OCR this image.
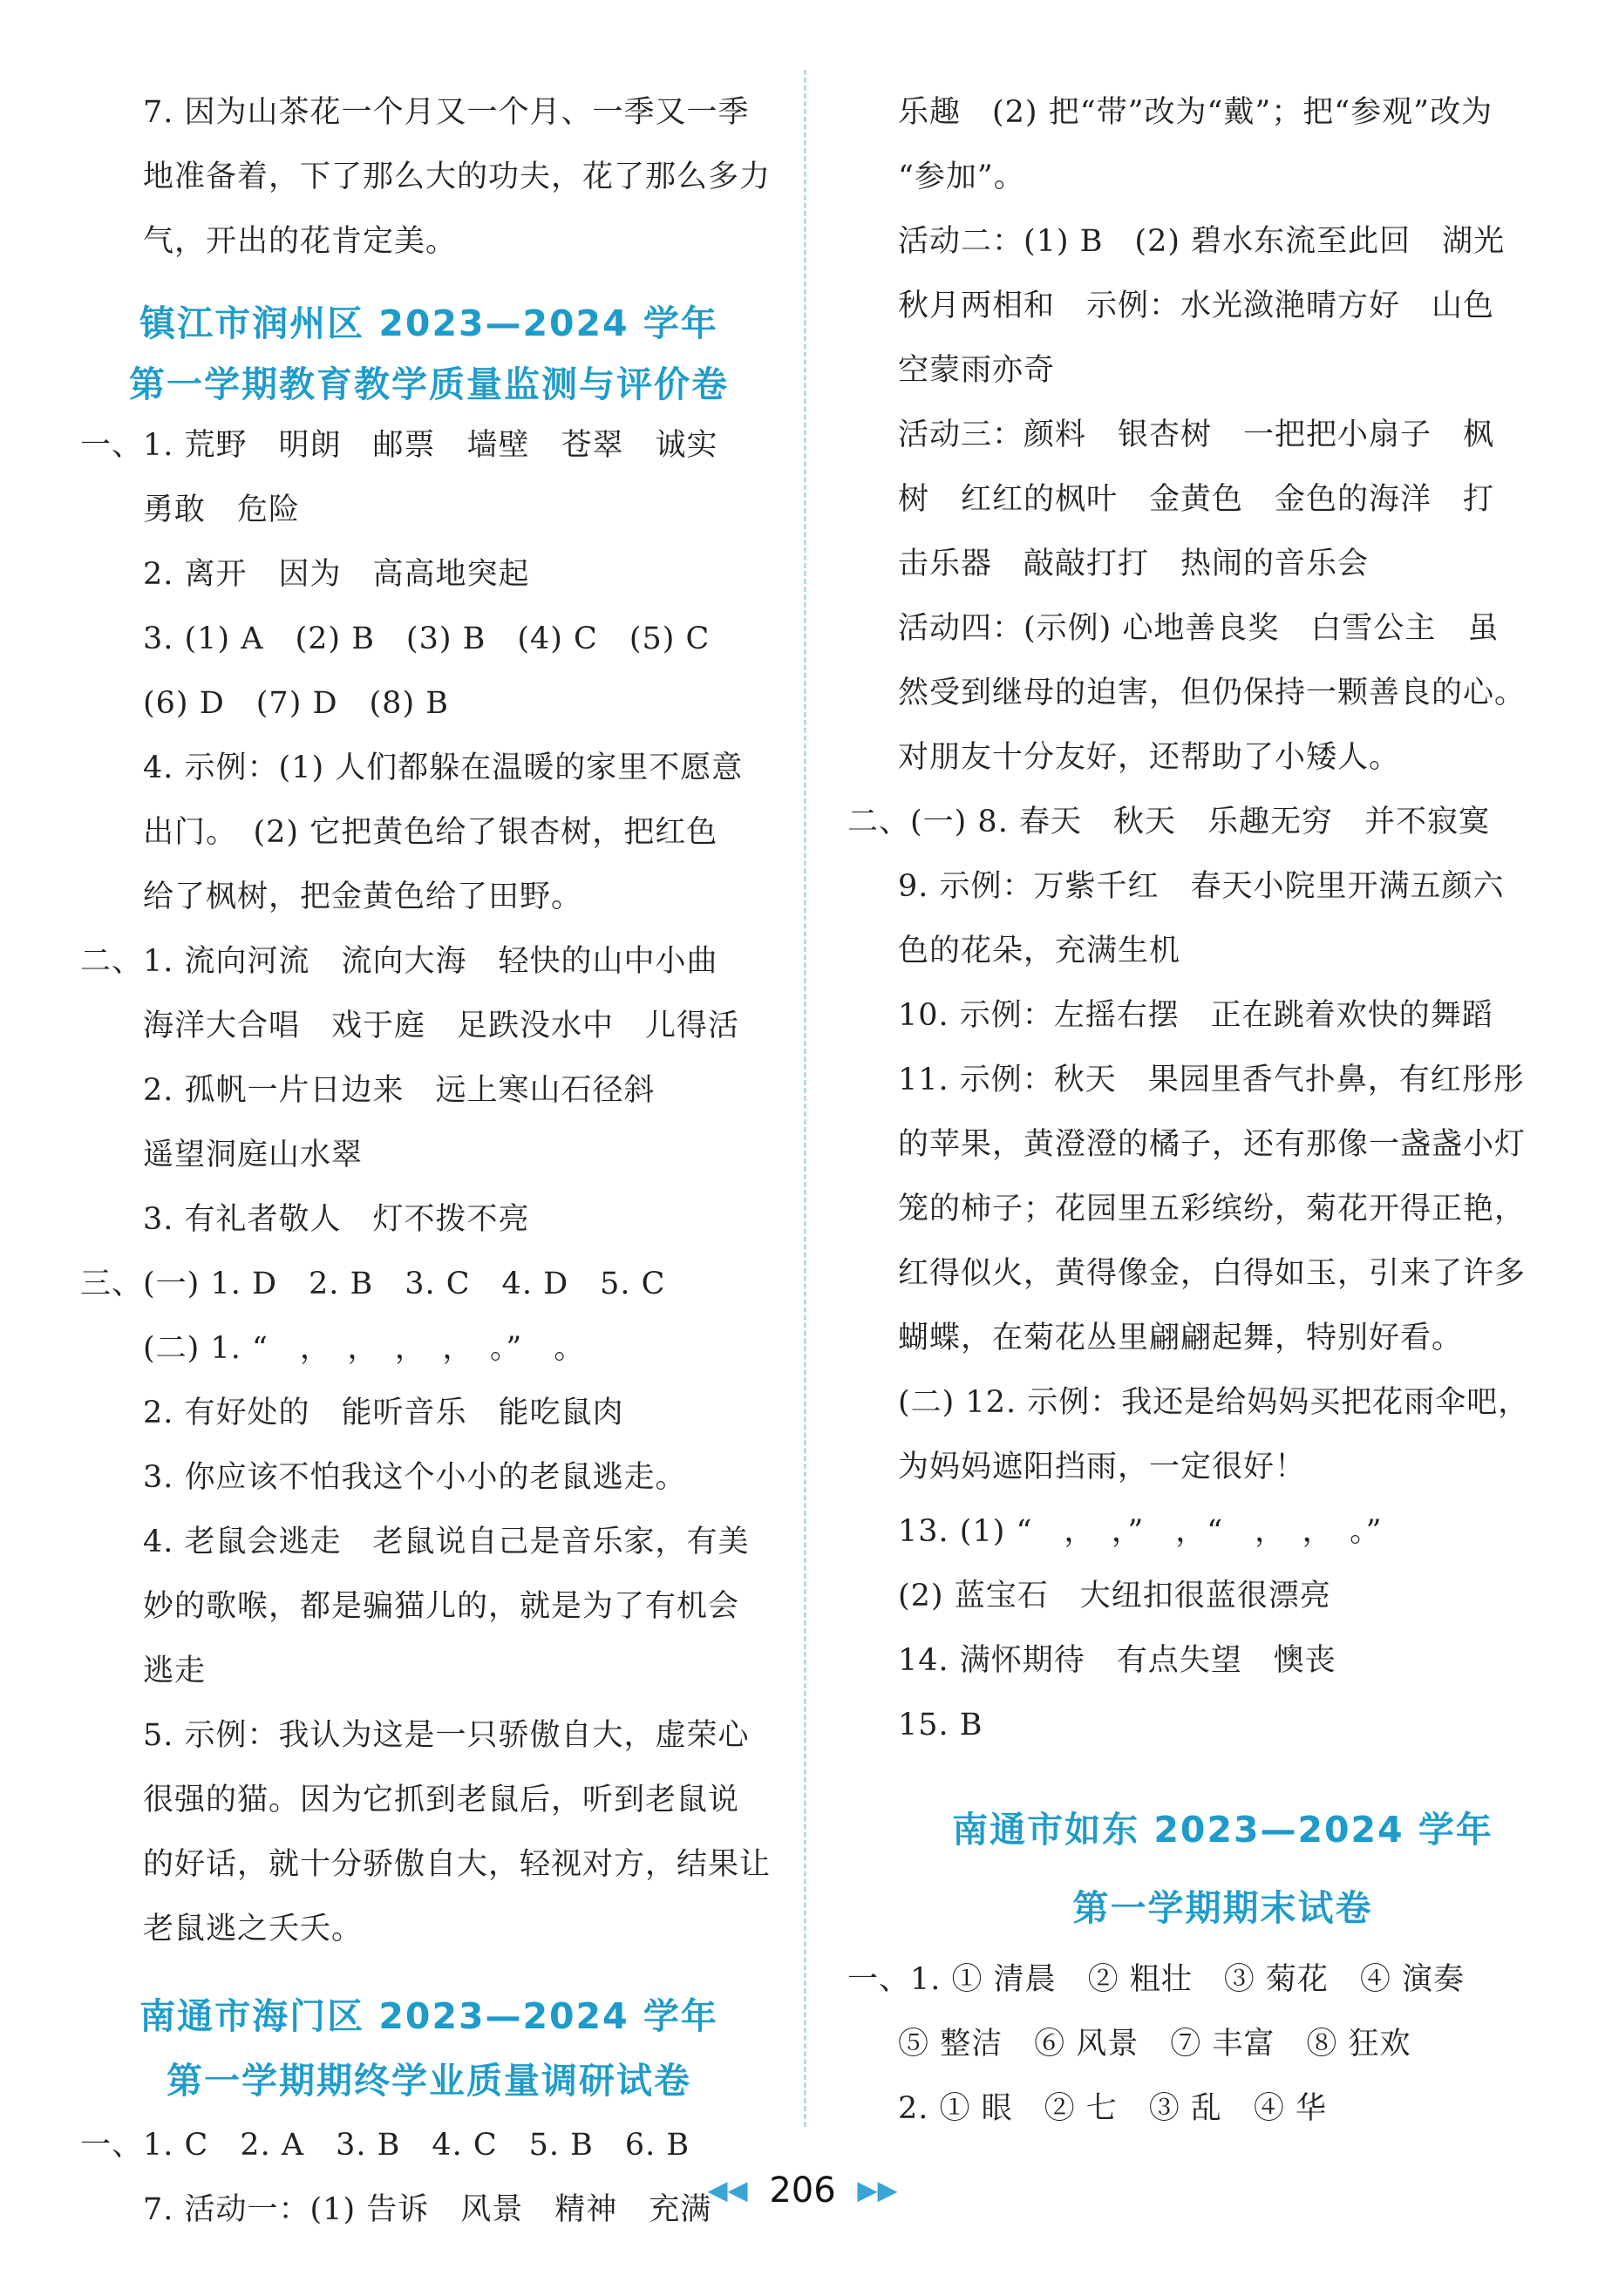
7. 因为山茶花一个月又一个月、一季又一季
地准备着，下了那么大的功夫，花了那么多力
气，开出的花肯定美。
镇江市润州区 2023—2024 学年
第一学期教育教学质量监测与评价卷
一、1. 荒野　明朗　邮票　墙壁　苍翠　诚实
勇敢　危险
2. 离开　因为　高高地突起
3. (1) A　(2) B　(3) B　(4) C　(5) C
(6) D　(7) D　(8) B
4. 示例：(1) 人们都躲在温暖的家里不愿意
出门。　(2) 它把黄色给了银杏树，把红色
给了枫树，把金黄色给了田野。
二、1. 流向河流　流向大海　轻快的山中小曲
海洋大合唱　戏于庭　足跌没水中　儿得活
2. 孤帆一片日边来　远上寒山石径斜
遥望洞庭山水翠
3. 有礼者敬人　灯不拨不亮
三、(一) 1. D　2. B　3. C　4. D　5. C
(二) 1. “　，　，　，　，　。”　。
2. 有好处的　能听音乐　能吃鼠肉
3. 你应该不怕我这个小小的老鼠逃走。
4. 老鼠会逃走　老鼠说自己是音乐家，有美
妙的歌喉，都是骗猫儿的，就是为了有机会
逃走
5. 示例：我认为这是一只骄傲自大，虚荣心
很强的猫。因为它抓到老鼠后，听到老鼠说
的好话，就十分骄傲自大，轻视对方，结果让
老鼠逃之夭夭。
南通市海门区 2023—2024 学年
第一学期期终学业质量调研试卷
一、1. C　2. A　3. B　4. C　5. B　6. B
7. 活动一：(1) 告诉　风景　精神　充满
乐趣　(2) 把“带”改为“戴”；把“参观”改为
“参加”。
活动二：(1) B　(2) 碧水东流至此回　湖光
秋月两相和　示例：水光潋滟晴方好　山色
空蒙雨亦奇
活动三：颜料　银杏树　一把把小扇子　枫
树　红红的枫叶　金黄色　金色的海洋　打
击乐器　敲敲打打　热闹的音乐会
活动四：(示例) 心地善良奖　白雪公主　虽
然受到继母的迫害，但仍保持一颗善良的心。
对朋友十分友好，还帮助了小矮人。
二、(一) 8. 春天　秋天　乐趣无穷　并不寂寞
9. 示例：万紫千红　春天小院里开满五颜六
色的花朵，充满生机
10. 示例：左摇右摆　正在跳着欢快的舞蹈
11. 示例：秋天　果园里香气扑鼻，有红彤彤
的苹果，黄澄澄的橘子，还有那像一盏盏小灯
笼的柿子；花园里五彩缤纷，菊花开得正艳，
红得似火，黄得像金，白得如玉，引来了许多
蝴蝶，在菊花丛里翩翩起舞，特别好看。
(二) 12. 示例：我还是给妈妈买把花雨伞吧，
为妈妈遮阳挡雨，一定很好！
13. (1) “　，　，”　，“　，　，　。”
(2) 蓝宝石　大纽扣很蓝很漂亮
14. 满怀期待　有点失望　懊丧
15. B
南通市如东 2023—2024 学年
第一学期期末试卷
一、1. ① 清晨　② 粗壮　③ 菊花　④ 演奏
⑤ 整洁　⑥ 风景　⑦ 丰富　⑧ 狂欢
2. ① 眼　② 七　③ 乱　④ 华
◀◀ 206 ▶▶
